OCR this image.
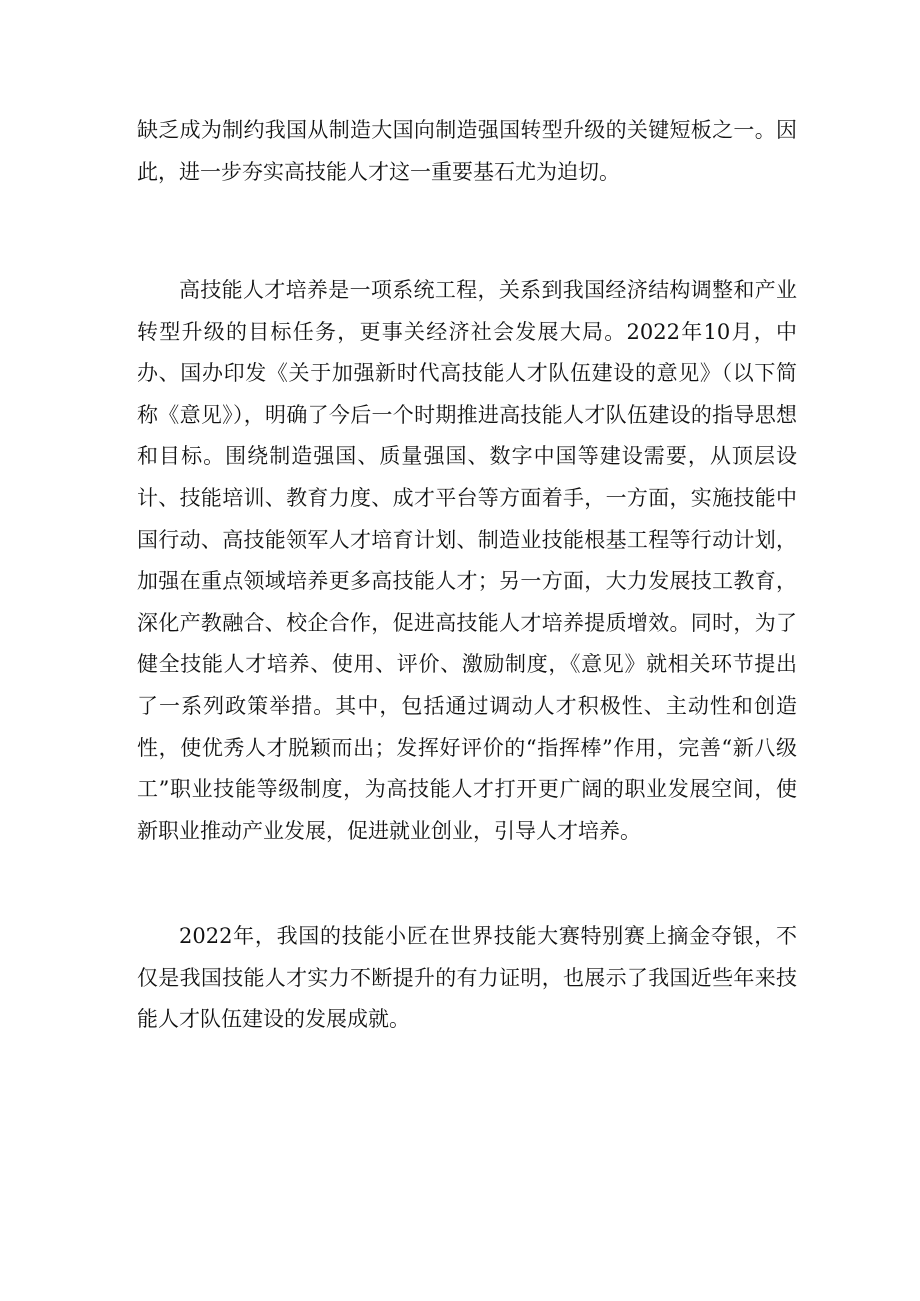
缺乏成为制约我国从制造大国向制造强国转型升级的关键短板之一。因此，进一步夯实高技能人才这一重要基石尤为迫切。

高技能人才培养是一项系统工程，关系到我国经济结构调整和产业转型升级的目标任务，更事关经济社会发展大局。2022年10月，中办、国办印发《关于加强新时代高技能人才队伍建设的意见》（以下简称《意见》），明确了今后一个时期推进高技能人才队伍建设的指导思想和目标。围绕制造强国、质量强国、数字中国等建设需要，从顶层设计、技能培训、教育力度、成才平台等方面着手，一方面，实施技能中国行动、高技能领军人才培育计划、制造业技能根基工程等行动计划，加强在重点领域培养更多高技能人才；另一方面，大力发展技工教育，深化产教融合、校企合作，促进高技能人才培养提质增效。同时，为了健全技能人才培养、使用、评价、激励制度，《意见》就相关环节提出了一系列政策举措。其中，包括通过调动人才积极性、主动性和创造性，使优秀人才脱颖而出；发挥好评价的“指挥棒”作用，完善“新八级工”职业技能等级制度，为高技能人才打开更广阔的职业发展空间，使新职业推动产业发展，促进就业创业，引导人才培养。

2022年，我国的技能小匠在世界技能大赛特别赛上摘金夺银，不仅是我国技能人才实力不断提升的有力证明，也展示了我国近些年来技能人才队伍建设的发展成就。
